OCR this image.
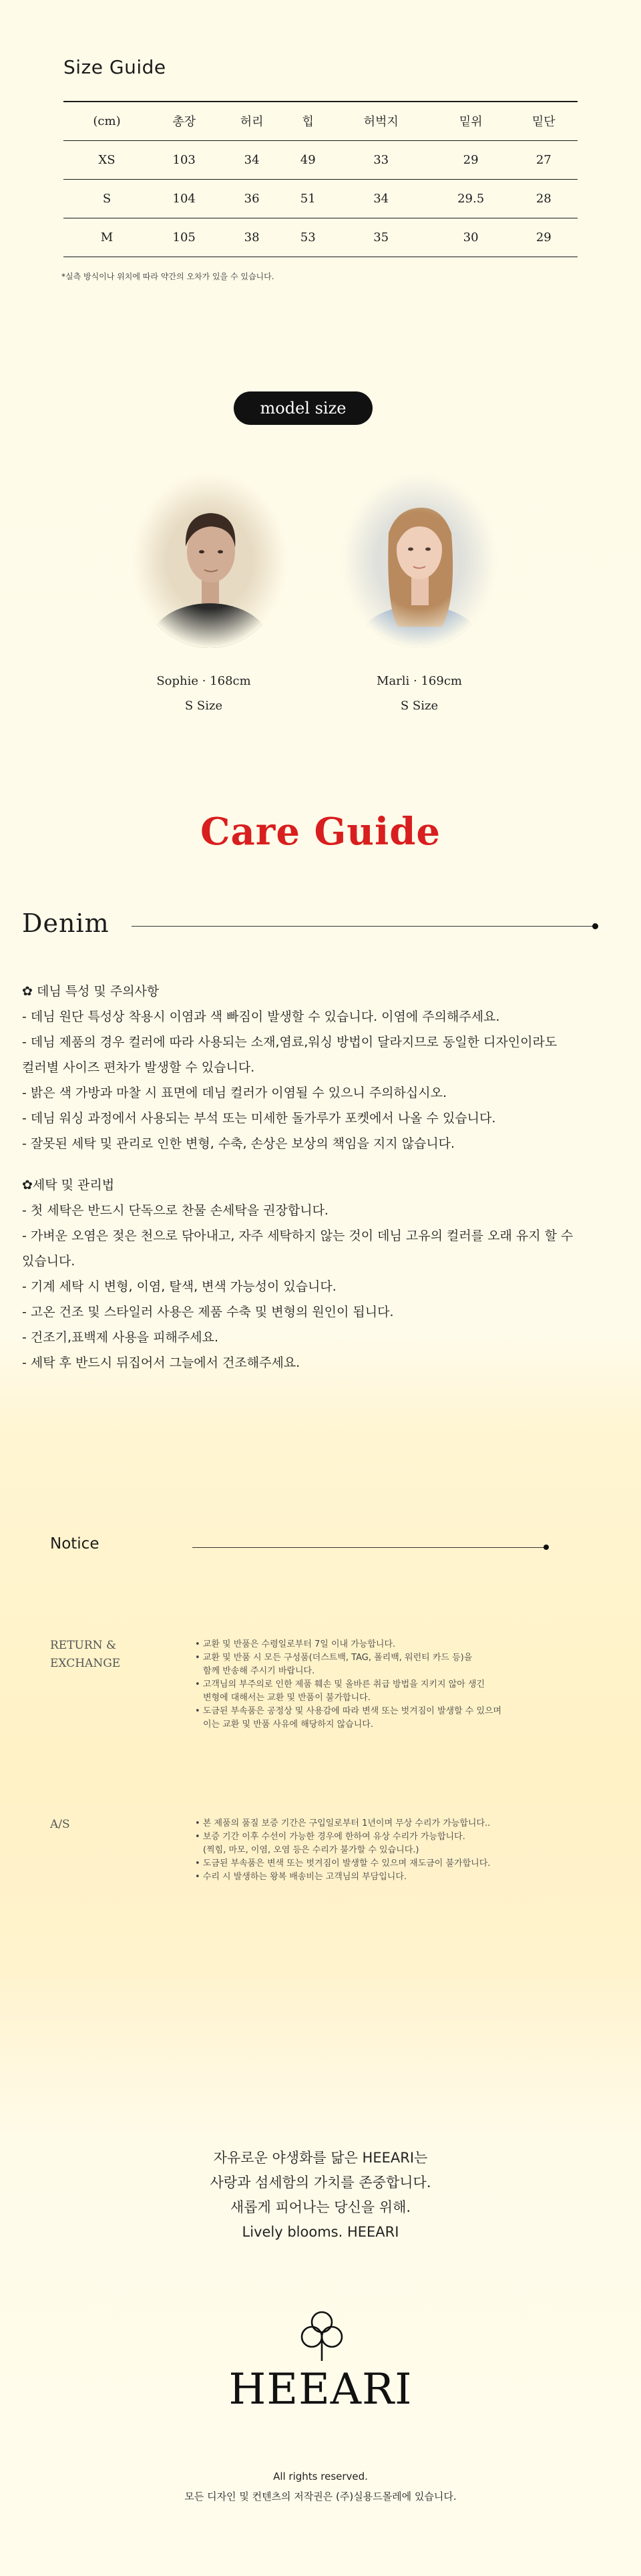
Size Guide
(cm)	총장	허리	힙	허벅지	밑위	밑단
XS	103	34	49	33	29	27
S	104	36	51	34	29.5	28
M	105	38	53	35	30	29
*실측 방식이나 위치에 따라 약간의 오차가 있을 수 있습니다.
model size
Sophie · 168cm
S Size
Marli · 169cm
S Size
Care Guide
Denim
✿ 데님 특성 및 주의사항
- 데님 원단 특성상 착용시 이염과 색 빠짐이 발생할 수 있습니다. 이염에 주의해주세요.
- 데님 제품의 경우 컬러에 따라 사용되는 소재,염료,워싱 방법이 달라지므로 동일한 디자인이라도
컬러별 사이즈 편차가 발생할 수 있습니다.
- 밝은 색 가방과 마찰 시 표면에 데님 컬러가 이염될 수 있으니 주의하십시오.
- 데님 워싱 과정에서 사용되는 부석 또는 미세한 돌가루가 포켓에서 나올 수 있습니다.
- 잘못된 세탁 및 관리로 인한 변형, 수축, 손상은 보상의 책임을 지지 않습니다.
✿세탁 및 관리법
- 첫 세탁은 반드시 단독으로 찬물 손세탁을 권장합니다.
- 가벼운 오염은 젖은 천으로 닦아내고, 자주 세탁하지 않는 것이 데님 고유의 컬러를 오래 유지 할 수
있습니다.
- 기계 세탁 시 변형, 이염, 탈색, 변색 가능성이 있습니다.
- 고온 건조 및 스타일러 사용은 제품 수축 및 변형의 원인이 됩니다.
- 건조기,표백제 사용을 피해주세요.
- 세탁 후 반드시 뒤집어서 그늘에서 건조해주세요.
Notice
RETURN &
EXCHANGE
• 교환 및 반품은 수령일로부터 7일 이내 가능합니다.
• 교환 및 반품 시 모든 구성품(더스트백, TAG, 폴리백, 워런티 카드 등)을
함께 반송해 주시기 바랍니다.
• 고객님의 부주의로 인한 제품 훼손 및 올바른 취급 방법을 지키지 않아 생긴
변형에 대해서는 교환 및 반품이 불가합니다.
• 도금된 부속품은 공정상 및 사용감에 따라 변색 또는 벗겨짐이 발생할 수 있으며
이는 교환 및 반품 사유에 해당하지 않습니다.
A/S	• 본 제품의 품질 보증 기간은 구입일로부터 1년이며 무상 수리가 가능합니다..
• 보증 기간 이후 수선이 가능한 경우에 한하여 유상 수리가 가능합니다.
(찍힘, 마모, 이염, 오염 등은 수리가 불가할 수 있습니다.)
• 도금된 부속품은 변색 또는 벗겨짐이 발생할 수 있으며 재도금이 불가합니다.
• 수리 시 발생하는 왕복 배송비는 고객님의 부담입니다.
자유로운 야생화를 닮은 HEEARI는
사랑과 섬세함의 가치를 존중합니다.
새롭게 피어나는 당신을 위해.
Lively blooms. HEEARI
HEEARI
All rights reserved.
모든 디자인 및 컨텐츠의 저작권은 (주)실용드몰레에 있습니다.
